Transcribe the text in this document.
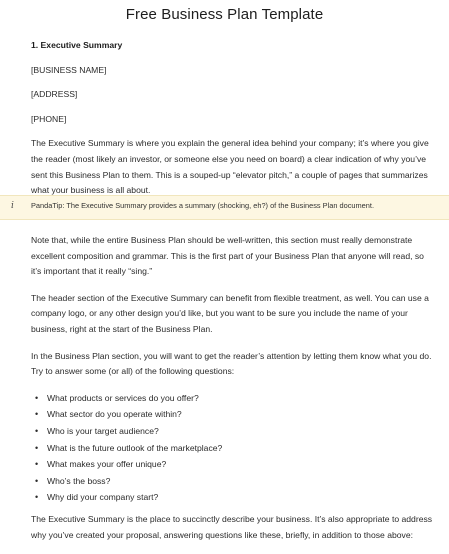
Free Business Plan Template
1. Executive Summary
[BUSINESS NAME]
[ADDRESS]
[PHONE]

The Executive Summary is where you explain the general idea behind your company; it’s where you give the reader (most likely an investor, or someone else you need on board) a clear indication of why you’ve sent this Business Plan to them. This is a souped-up “elevator pitch,” a couple of pages that summarizes what your business is all about.

i PandaTip: The Executive Summary provides a summary (shocking, eh?) of the Business Plan document.

Note that, while the entire Business Plan should be well-written, this section must really demonstrate excellent composition and grammar. This is the first part of your Business Plan that anyone will read, so it’s important that it really “sing.”

The header section of the Executive Summary can benefit from flexible treatment, as well. You can use a company logo, or any other design you’d like, but you want to be sure you include the name of your business, right at the start of the Business Plan.

In the Business Plan section, you will want to get the reader’s attention by letting them know what you do. Try to answer some (or all) of the following questions:

• What products or services do you offer?
• What sector do you operate within?
• Who is your target audience?
• What is the future outlook of the marketplace?
• What makes your offer unique?
• Who’s the boss?
• Why did your company start?

The Executive Summary is the place to succinctly describe your business. It’s also appropriate to address why you’ve created your proposal, answering questions like these, briefly, in addition to those above:
